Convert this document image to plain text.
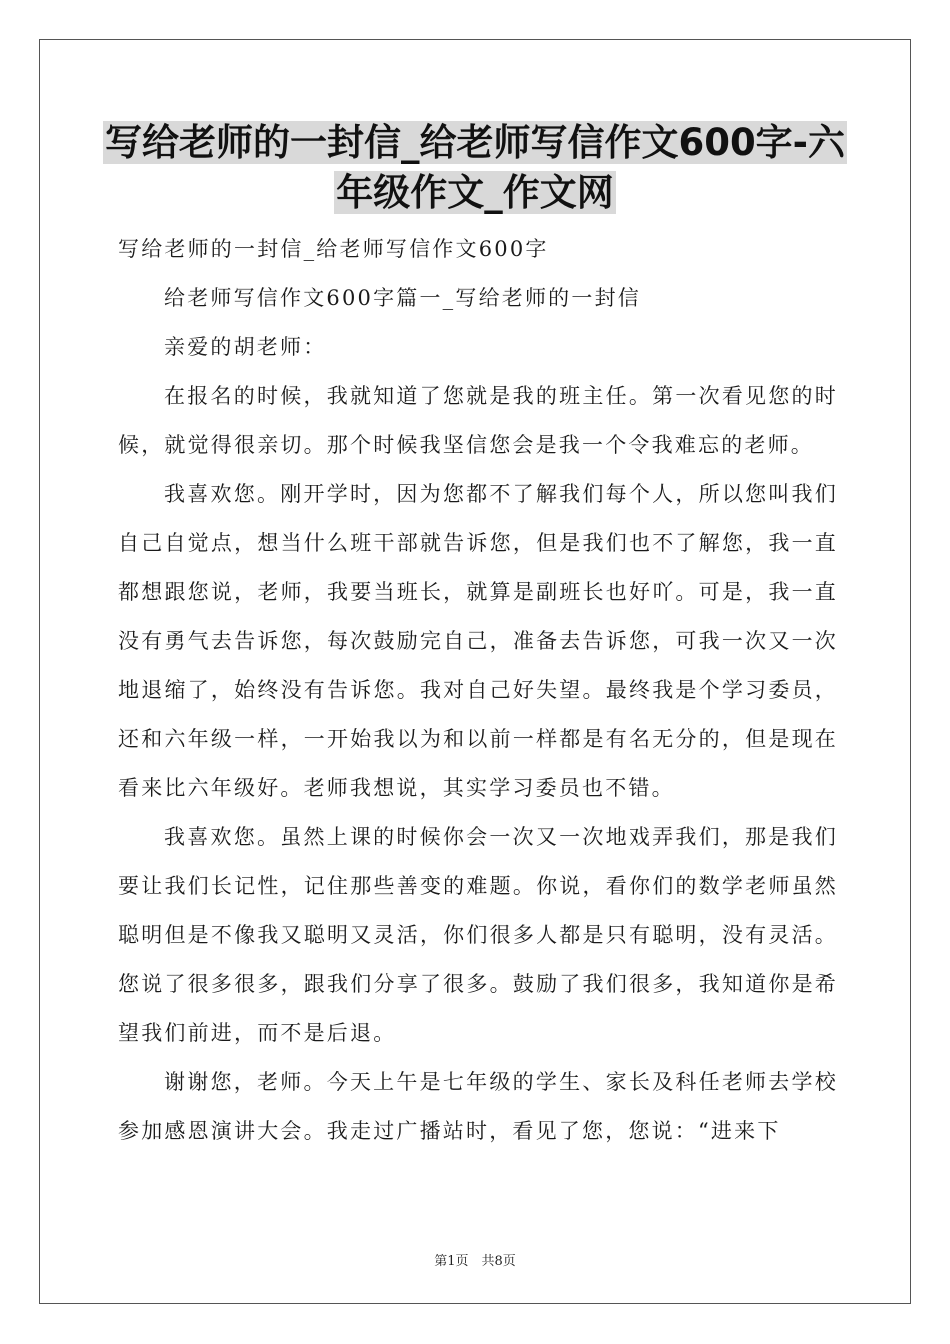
写给老师的一封信_给老师写信作文600字-六
年级作文_作文网

写给老师的一封信_给老师写信作文600字

给老师写信作文600字篇一_写给老师的一封信

亲爱的胡老师：

在报名的时候，我就知道了您就是我的班主任。第一次看见您的时候，就觉得很亲切。那个时候我坚信您会是我一个令我难忘的老师。

我喜欢您。刚开学时，因为您都不了解我们每个人，所以您叫我们自己自觉点，想当什么班干部就告诉您，但是我们也不了解您，我一直都想跟您说，老师，我要当班长，就算是副班长也好吖。可是，我一直没有勇气去告诉您，每次鼓励完自己，准备去告诉您，可我一次又一次地退缩了，始终没有告诉您。我对自己好失望。最终我是个学习委员，还和六年级一样，一开始我以为和以前一样都是有名无分的，但是现在看来比六年级好。老师我想说，其实学习委员也不错。

我喜欢您。虽然上课的时候你会一次又一次地戏弄我们，那是我们要让我们长记性，记住那些善变的难题。你说，看你们的数学老师虽然聪明但是不像我又聪明又灵活，你们很多人都是只有聪明，没有灵活。您说了很多很多，跟我们分享了很多。鼓励了我们很多，我知道你是希望我们前进，而不是后退。

谢谢您，老师。今天上午是七年级的学生、家长及科任老师去学校参加感恩演讲大会。我走过广播站时，看见了您，您说：“进来下

第1页　共8页
